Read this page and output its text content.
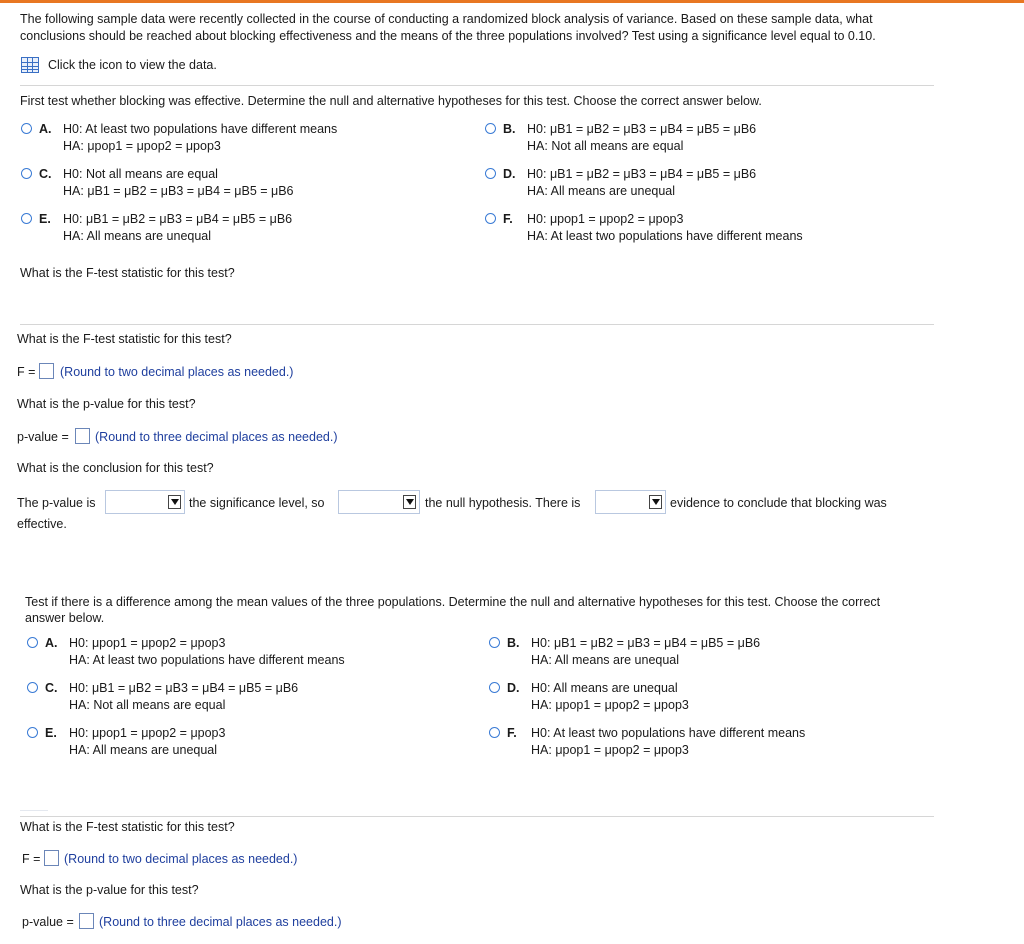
The following sample data were recently collected in the course of conducting a randomized block analysis of variance. Based on these sample data, what
conclusions should be reached about blocking effectiveness and the means of the three populations involved? Test using a significance level equal to 0.10.
Click the icon to view the data.
First test whether blocking was effective. Determine the null and alternative hypotheses for this test. Choose the correct answer below.
A. H0: At least two populations have different means
HA: μpop1 = μpop2 = μpop3
B. H0: μB1 = μB2 = μB3 = μB4 = μB5 = μB6
HA: Not all means are equal
C. H0: Not all means are equal
HA: μB1 = μB2 = μB3 = μB4 = μB5 = μB6
D. H0: μB1 = μB2 = μB3 = μB4 = μB5 = μB6
HA: All means are unequal
E. H0: μB1 = μB2 = μB3 = μB4 = μB5 = μB6
HA: All means are unequal
F. H0: μpop1 = μpop2 = μpop3
HA: At least two populations have different means
What is the F-test statistic for this test?
What is the F-test statistic for this test?
F = (Round to two decimal places as needed.)
What is the p-value for this test?
p-value = (Round to three decimal places as needed.)
What is the conclusion for this test?
The p-value is	the significance level, so	the null hypothesis. There is	evidence to conclude that blocking was
effective.
Test if there is a difference among the mean values of the three populations. Determine the null and alternative hypotheses for this test. Choose the correct
answer below.
A. H0: μpop1 = μpop2 = μpop3
HA: At least two populations have different means
B. H0: μB1 = μB2 = μB3 = μB4 = μB5 = μB6
HA: All means are unequal
C. H0: μB1 = μB2 = μB3 = μB4 = μB5 = μB6
HA: Not all means are equal
D. H0: All means are unequal
HA: μpop1 = μpop2 = μpop3
E. H0: μpop1 = μpop2 = μpop3
HA: All means are unequal
F. H0: At least two populations have different means
HA: μpop1 = μpop2 = μpop3
What is the F-test statistic for this test?
F = (Round to two decimal places as needed.)
What is the p-value for this test?
p-value = (Round to three decimal places as needed.)
